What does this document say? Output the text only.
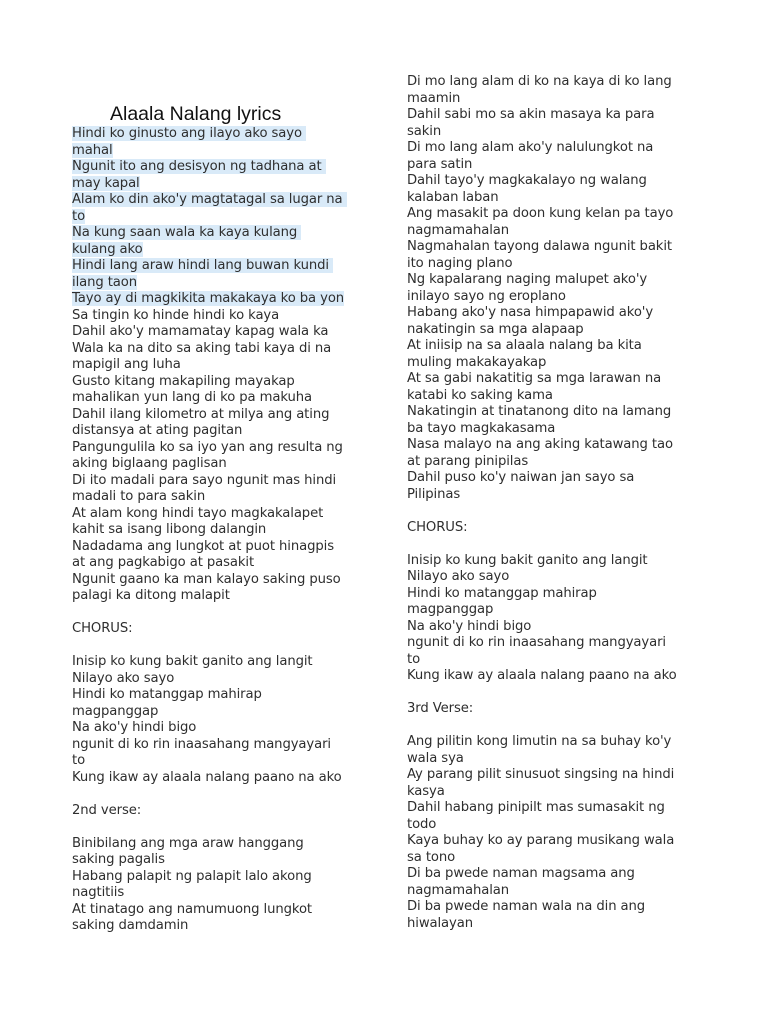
Alaala Nalang lyrics
Hindi ko ginusto ang ilayo ako sayo
mahal
Ngunit ito ang desisyon ng tadhana at
may kapal
Alam ko din ako'y magtatagal sa lugar na
to
Na kung saan wala ka kaya kulang
kulang ako
Hindi lang araw hindi lang buwan kundi
ilang taon
Tayo ay di magkikita makakaya ko ba yon
Sa tingin ko hinde hindi ko kaya
Dahil ako'y mamamatay kapag wala ka
Wala ka na dito sa aking tabi kaya di na
mapigil ang luha
Gusto kitang makapiling mayakap
mahalikan yun lang di ko pa makuha
Dahil ilang kilometro at milya ang ating
distansya at ating pagitan
Pangungulila ko sa iyo yan ang resulta ng
aking biglaang paglisan
Di ito madali para sayo ngunit mas hindi
madali to para sakin
At alam kong hindi tayo magkakalapet
kahit sa isang libong dalangin
Nadadama ang lungkot at puot hinagpis
at ang pagkabigo at pasakit
Ngunit gaano ka man kalayo saking puso
palagi ka ditong malapit
CHORUS:
Inisip ko kung bakit ganito ang langit
Nilayo ako sayo
Hindi ko matanggap mahirap
magpanggap
Na ako'y hindi bigo
ngunit di ko rin inaasahang mangyayari
to
Kung ikaw ay alaala nalang paano na ako
2nd verse:
Binibilang ang mga araw hanggang
saking pagalis
Habang palapit ng palapit lalo akong
nagtitiis
At tinatago ang namumuong lungkot
saking damdamin
Di mo lang alam di ko na kaya di ko lang
maamin
Dahil sabi mo sa akin masaya ka para
sakin
Di mo lang alam ako'y nalulungkot na
para satin
Dahil tayo'y magkakalayo ng walang
kalaban laban
Ang masakit pa doon kung kelan pa tayo
nagmamahalan
Nagmahalan tayong dalawa ngunit bakit
ito naging plano
Ng kapalarang naging malupet ako'y
inilayo sayo ng eroplano
Habang ako'y nasa himpapawid ako'y
nakatingin sa mga alapaap
At iniisip na sa alaala nalang ba kita
muling makakayakap
At sa gabi nakatitig sa mga larawan na
katabi ko saking kama
Nakatingin at tinatanong dito na lamang
ba tayo magkakasama
Nasa malayo na ang aking katawang tao
at parang pinipilas
Dahil puso ko'y naiwan jan sayo sa
Pilipinas
CHORUS:
Inisip ko kung bakit ganito ang langit
Nilayo ako sayo
Hindi ko matanggap mahirap
magpanggap
Na ako'y hindi bigo
ngunit di ko rin inaasahang mangyayari
to
Kung ikaw ay alaala nalang paano na ako
3rd Verse:
Ang pilitin kong limutin na sa buhay ko'y
wala sya
Ay parang pilit sinusuot singsing na hindi
kasya
Dahil habang pinipilt mas sumasakit ng
todo
Kaya buhay ko ay parang musikang wala
sa tono
Di ba pwede naman magsama ang
nagmamahalan
Di ba pwede naman wala na din ang
hiwalayan
